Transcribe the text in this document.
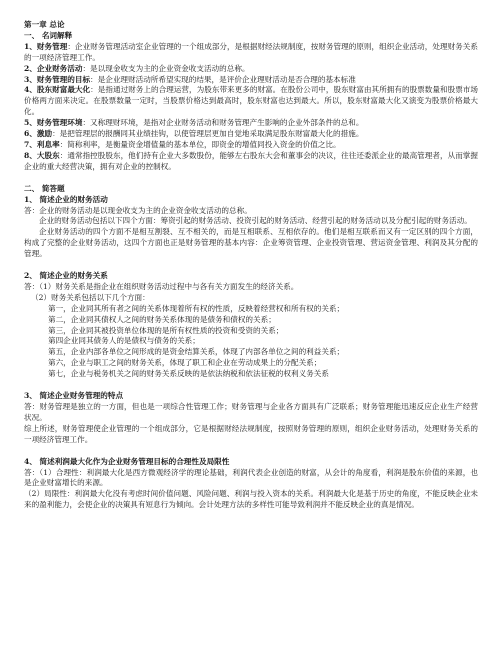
第一章 总论
一、 名词解释
1、财务管理：企业财务管理活动室企业管理的一个组成部分，是根据财经法规制度，按财务管理的原则，组织企业活动，处理财务关系的一项经济管理工作。
2、企业财务活动：是以现金收支为主的企业资金收支活动的总称。
3、财务管理的目标：是企业理财活动所希望实现的结果，是评价企业理财活动是否合理的基本标准
4、股东财富最大化：是指通过财务上的合理运营，为股东带来更多的财富。在股份公司中，股东财富由其所拥有的股票数量和股票市场价格两方面来决定。在股票数量一定时，当股票价格达到最高时，股东财富也达到最大。所以，股东财富最大化又演变为股票价格最大化。
5、财务管理环境：又称理财环境，是指对企业财务活动和财务管理产生影响的企业外部条件的总和。
6、激励：是把管理层的报酬同其业绩挂钩，以使管理层更加自觉地采取满足股东财富最大化的措施。
7、利息率：简称利率，是衡量资金增值量的基本单位，即资金的增值同投入资金的价值之比。
8、大股东：通常指控股股东，他们持有企业大多数股份，能够左右股东大会和董事会的决议，往往还委派企业的最高管理者，从而掌握企业的重大经营决策，拥有对企业的控制权。
二、 简答题
1、 简述企业的财务活动
答：企业的财务活动是以现金收支为主的企业资金收支活动的总称。
企业的财务活动包括以下四个方面：筹资引起的财务活动、投资引起的财务活动、经营引起的财务活动以及分配引起的财务活动。
企业财务活动的四个方面不是相互割裂、互不相关的，而是互相联系、互相依存的。他们是相互联系而又有一定区别的四个方面，构成了完整的企业财务活动，这四个方面也正是财务管理的基本内容：企业筹资管理、企业投资管理、营运资金管理、利润及其分配的管理。
2、 简述企业的财务关系
答：（1）财务关系是指企业在组织财务活动过程中与各有关方面发生的经济关系。
（2）财务关系包括以下几个方面：
第一，企业同其所有者之间的关系体现着所有权的性质，反映着经营权和所有权的关系；
第二，企业同其债权人之间的财务关系体现的是债务和债权的关系；
第三，企业同其被投资单位体现的是所有权性质的投资和受资的关系；
第四企业同其债务人的是债权与债务的关系；
第五，企业内部各单位之间形成的是资金结算关系，体现了内部各单位之间的利益关系；
第六，企业与职工之间的财务关系，体现了职工和企业在劳动成果上的分配关系；
第七，企业与税务机关之间的财务关系反映的是依法纳税和依法征税的权利义务关系
3、 简述企业财务管理的特点
答：财务管理是独立的一方面，但也是一项综合性管理工作；财务管理与企业各方面具有广泛联系；财务管理能迅速反应企业生产经营状况。
综上所述，财务管理使企业管理的一个组成部分，它是根据财经法规制度，按照财务管理的原则，组织企业财务活动，处理财务关系的一项经济管理工作。
4、 简述利润最大化作为企业财务管理目标的合理性及局限性
答：（1）合理性：利润最大化是西方微观经济学的理论基础，利润代表企业创造的财富，从会计的角度看，利润是股东价值的来源，也是企业财富增长的来源。
（2）局限性：利润最大化没有考虑时间价值问题、风险问题、利润与投入资本的关系。利润最大化是基于历史的角度，不能反映企业未来的盈利能力，会使企业的决策具有短息行为倾向。会计处理方法的多样性可能导致利润并不能反映企业的真是情况。
